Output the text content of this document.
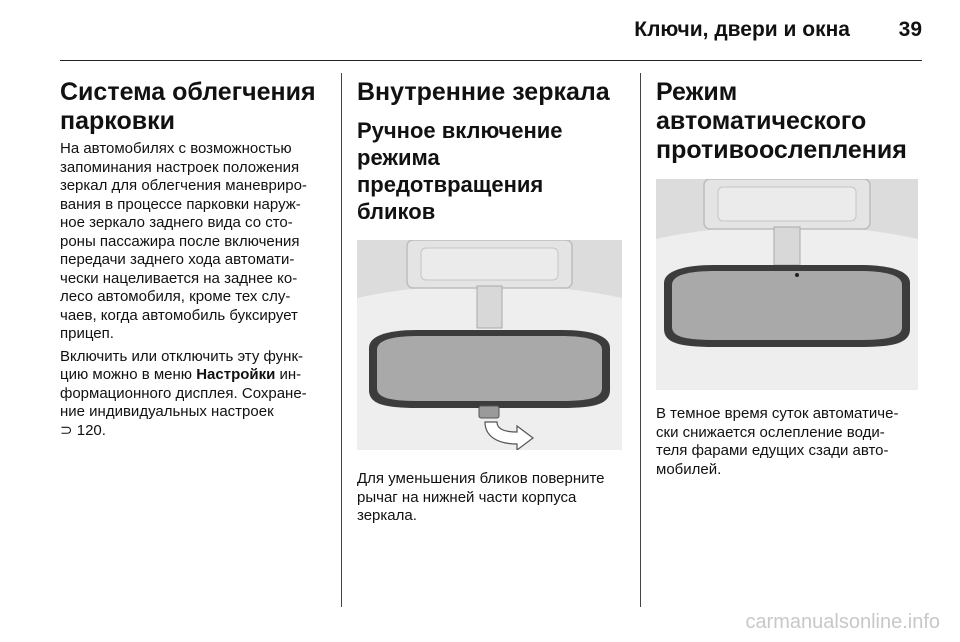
Ключи, двери и окна	39
Система облегчения
парковки
На автомобилях с возможностью
запоминания настроек положения
зеркал для облегчения маневриро-
вания в процессе парковки наруж-
ное зеркало заднего вида со сто-
роны пассажира после включения
передачи заднего хода автомати-
чески нацеливается на заднее ко-
лесо автомобиля, кроме тех слу-
чаев, когда автомобиль буксирует
прицеп.
Включить или отключить эту функ-
цию можно в меню Настройки ин-
формационного дисплея. Сохране-
ние индивидуальных настроек
⊃ 120.
Внутренние зеркала
Ручное включение
режима предотвращения
бликов
Для уменьшения бликов поверните
рычаг на нижней части корпуса
зеркала.
Режим автоматического
противоослепления
В темное время суток автоматиче-
ски снижается ослепление води-
теля фарами едущих сзади авто-
мобилей.
carmanualsonline.info
